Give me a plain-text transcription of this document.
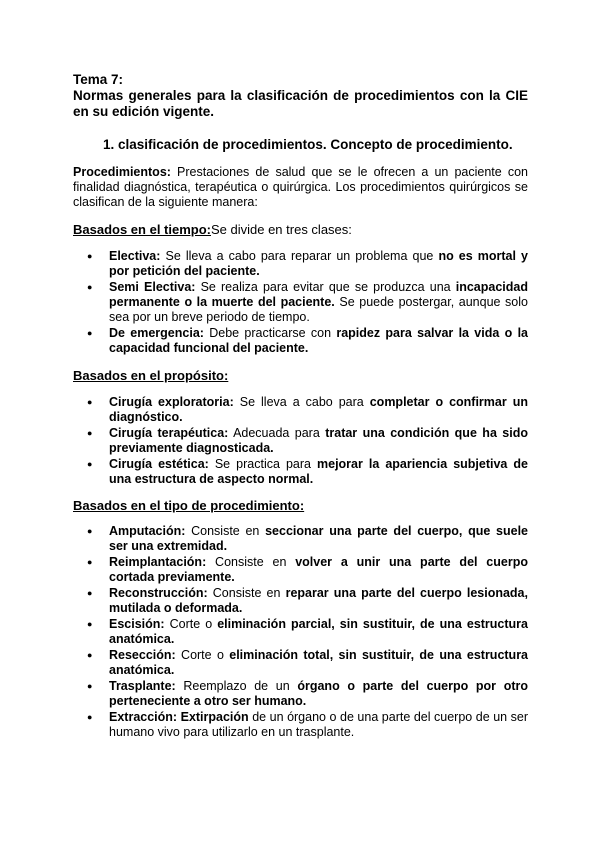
Tema 7:
Normas generales para la clasificación de procedimientos con la CIE en su edición vigente.
1. clasificación de procedimientos. Concepto de procedimiento.
Procedimientos: Prestaciones de salud que se le ofrecen a un paciente con finalidad diagnóstica, terapéutica o quirúrgica. Los procedimientos quirúrgicos se clasifican de la siguiente manera:
Basados en el tiempo:Se divide en tres clases:
● Electiva: Se lleva a cabo para reparar un problema que no es mortal y por petición del paciente.
● Semi Electiva: Se realiza para evitar que se produzca una incapacidad permanente o la muerte del paciente. Se puede postergar, aunque solo sea por un breve periodo de tiempo.
● De emergencia: Debe practicarse con rapidez para salvar la vida o la capacidad funcional del paciente.
Basados en el propósito:
● Cirugía exploratoria: Se lleva a cabo para completar o confirmar un diagnóstico.
● Cirugía terapéutica: Adecuada para tratar una condición que ha sido previamente diagnosticada.
● Cirugía estética: Se practica para mejorar la apariencia subjetiva de una estructura de aspecto normal.
Basados en el tipo de procedimiento:
● Amputación: Consiste en seccionar una parte del cuerpo, que suele ser una extremidad.
● Reimplantación: Consiste en volver a unir una parte del cuerpo cortada previamente.
● Reconstrucción: Consiste en reparar una parte del cuerpo lesionada, mutilada o deformada.
● Escisión: Corte o eliminación parcial, sin sustituir, de una estructura anatómica.
● Resección: Corte o eliminación total, sin sustituir, de una estructura anatómica.
● Trasplante: Reemplazo de un órgano o parte del cuerpo por otro perteneciente a otro ser humano.
● Extracción: Extirpación de un órgano o de una parte del cuerpo de un ser humano vivo para utilizarlo en un trasplante.
